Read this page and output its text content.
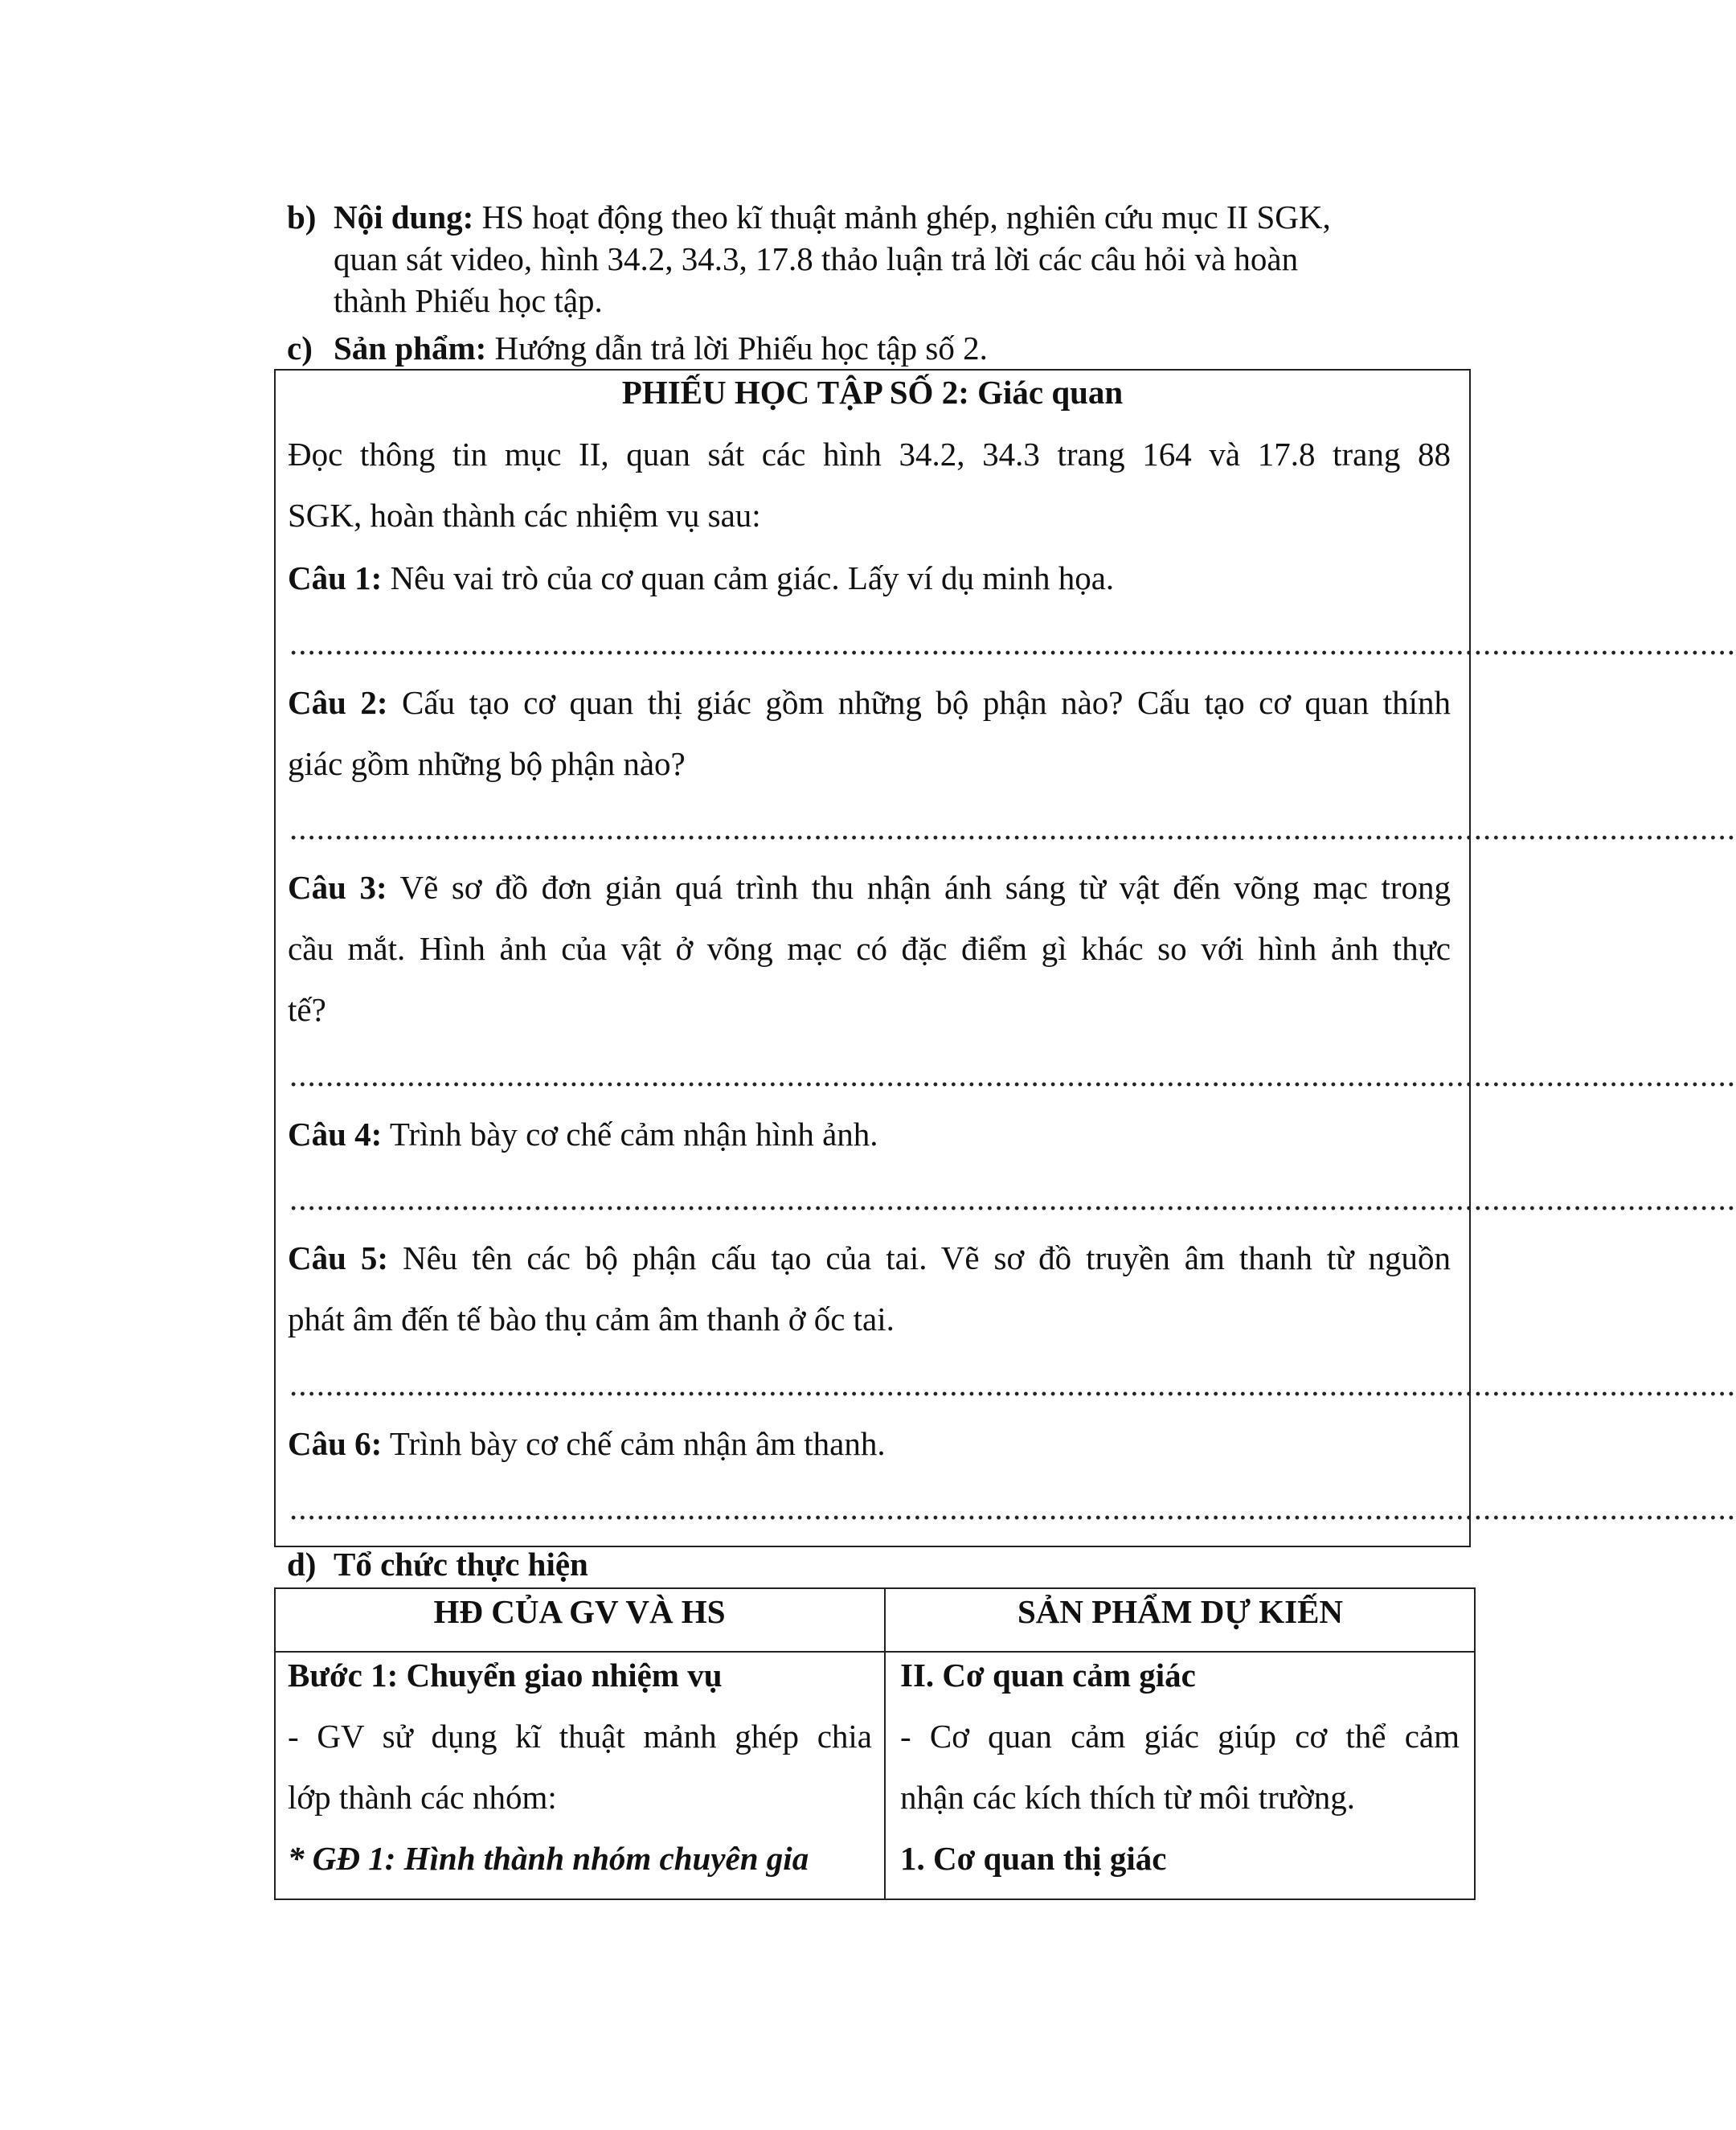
b) Nội dung: HS hoạt động theo kĩ thuật mảnh ghép, nghiên cứu mục II SGK,
quan sát video, hình 34.2, 34.3, 17.8 thảo luận trả lời các câu hỏi và hoàn
thành Phiếu học tập.
c) Sản phẩm: Hướng dẫn trả lời Phiếu học tập số 2.
PHIẾU HỌC TẬP SỐ 2: Giác quan
Đọc thông tin mục II, quan sát các hình 34.2, 34.3 trang 164 và 17.8 trang 88
SGK, hoàn thành các nhiệm vụ sau:
Câu 1: Nêu vai trò của cơ quan cảm giác. Lấy ví dụ minh họa.
................................................................................................................................................................
Câu 2: Cấu tạo cơ quan thị giác gồm những bộ phận nào? Cấu tạo cơ quan thính
giác gồm những bộ phận nào?
................................................................................................................................................................
Câu 3: Vẽ sơ đồ đơn giản quá trình thu nhận ánh sáng từ vật đến võng mạc trong
cầu mắt. Hình ảnh của vật ở võng mạc có đặc điểm gì khác so với hình ảnh thực
tế?
................................................................................................................................................................
Câu 4: Trình bày cơ chế cảm nhận hình ảnh.
................................................................................................................................................................
Câu 5: Nêu tên các bộ phận cấu tạo của tai. Vẽ sơ đồ truyền âm thanh từ nguồn
phát âm đến tế bào thụ cảm âm thanh ở ốc tai.
................................................................................................................................................................
Câu 6: Trình bày cơ chế cảm nhận âm thanh.
................................................................................................................................................................
d) Tổ chức thực hiện
HĐ CỦA GV VÀ HS	SẢN PHẨM DỰ KIẾN
Bước 1: Chuyển giao nhiệm vụ
- GV sử dụng kĩ thuật mảnh ghép chia
lớp thành các nhóm:
* GĐ 1: Hình thành nhóm chuyên gia
II. Cơ quan cảm giác
- Cơ quan cảm giác giúp cơ thể cảm
nhận các kích thích từ môi trường.
1. Cơ quan thị giác
